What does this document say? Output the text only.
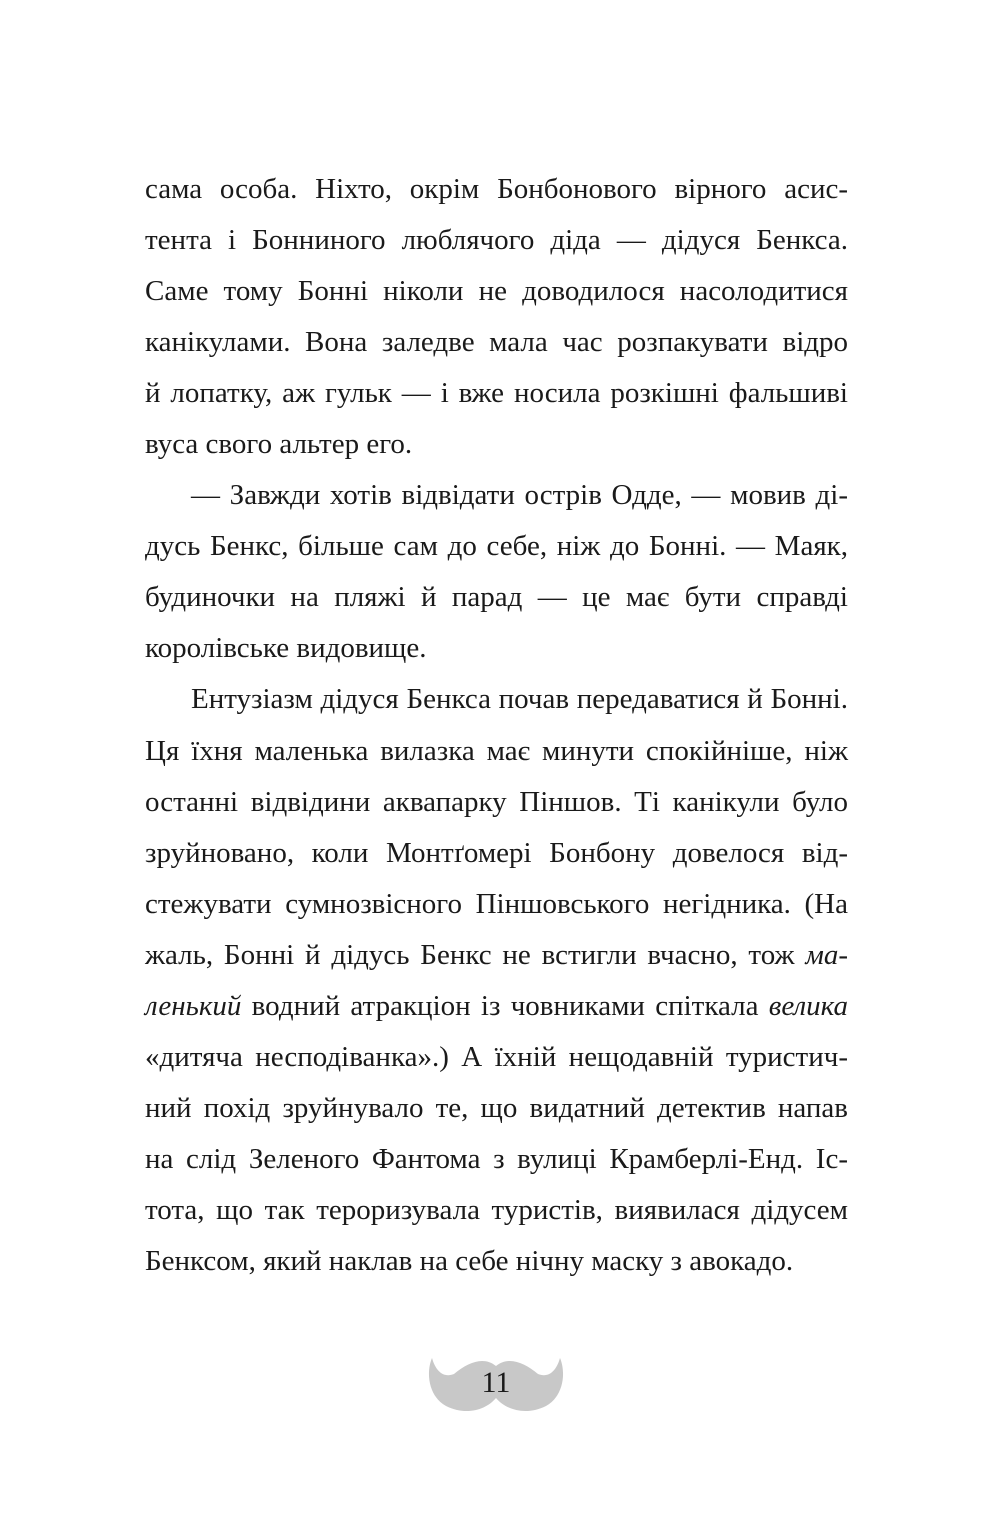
сама особа. Ніхто, окрім Бонбонового вірного асис-
тента і Бонниного люблячого діда — дідуся Бенкса.
Саме тому Бонні ніколи не доводилося насолодитися
канікулами. Вона заледве мала час розпакувати відро
й лопатку, аж гульк — і вже носила розкішні фальшиві
вуса свого альтер его.
— Завжди хотів відвідати острів Одде, — мовив ді-
дусь Бенкс, більше сам до себе, ніж до Бонні. — Маяк,
будиночки на пляжі й парад — це має бути справді
королівське видовище.
Ентузіазм дідуся Бенкса почав передаватися й Бонні.
Ця їхня маленька вилазка має минути спокійніше, ніж
останні відвідини аквапарку Піншов. Ті канікули було
зруйновано, коли Монтґомері Бонбону довелося від-
стежувати сумнозвісного Піншовського негідника. (На
жаль, Бонні й дідусь Бенкс не встигли вчасно, тож ма-
ленький водний атракціон із човниками спіткала велика
«дитяча несподіванка».) А їхній нещодавній туристич-
ний похід зруйнувало те, що видатний детектив напав
на слід Зеленого Фантома з вулиці Крамберлі-Енд. Іс-
тота, що так тероризувала туристів, виявилася дідусем
Бенксом, який наклав на себе нічну маску з авокадо.
11
